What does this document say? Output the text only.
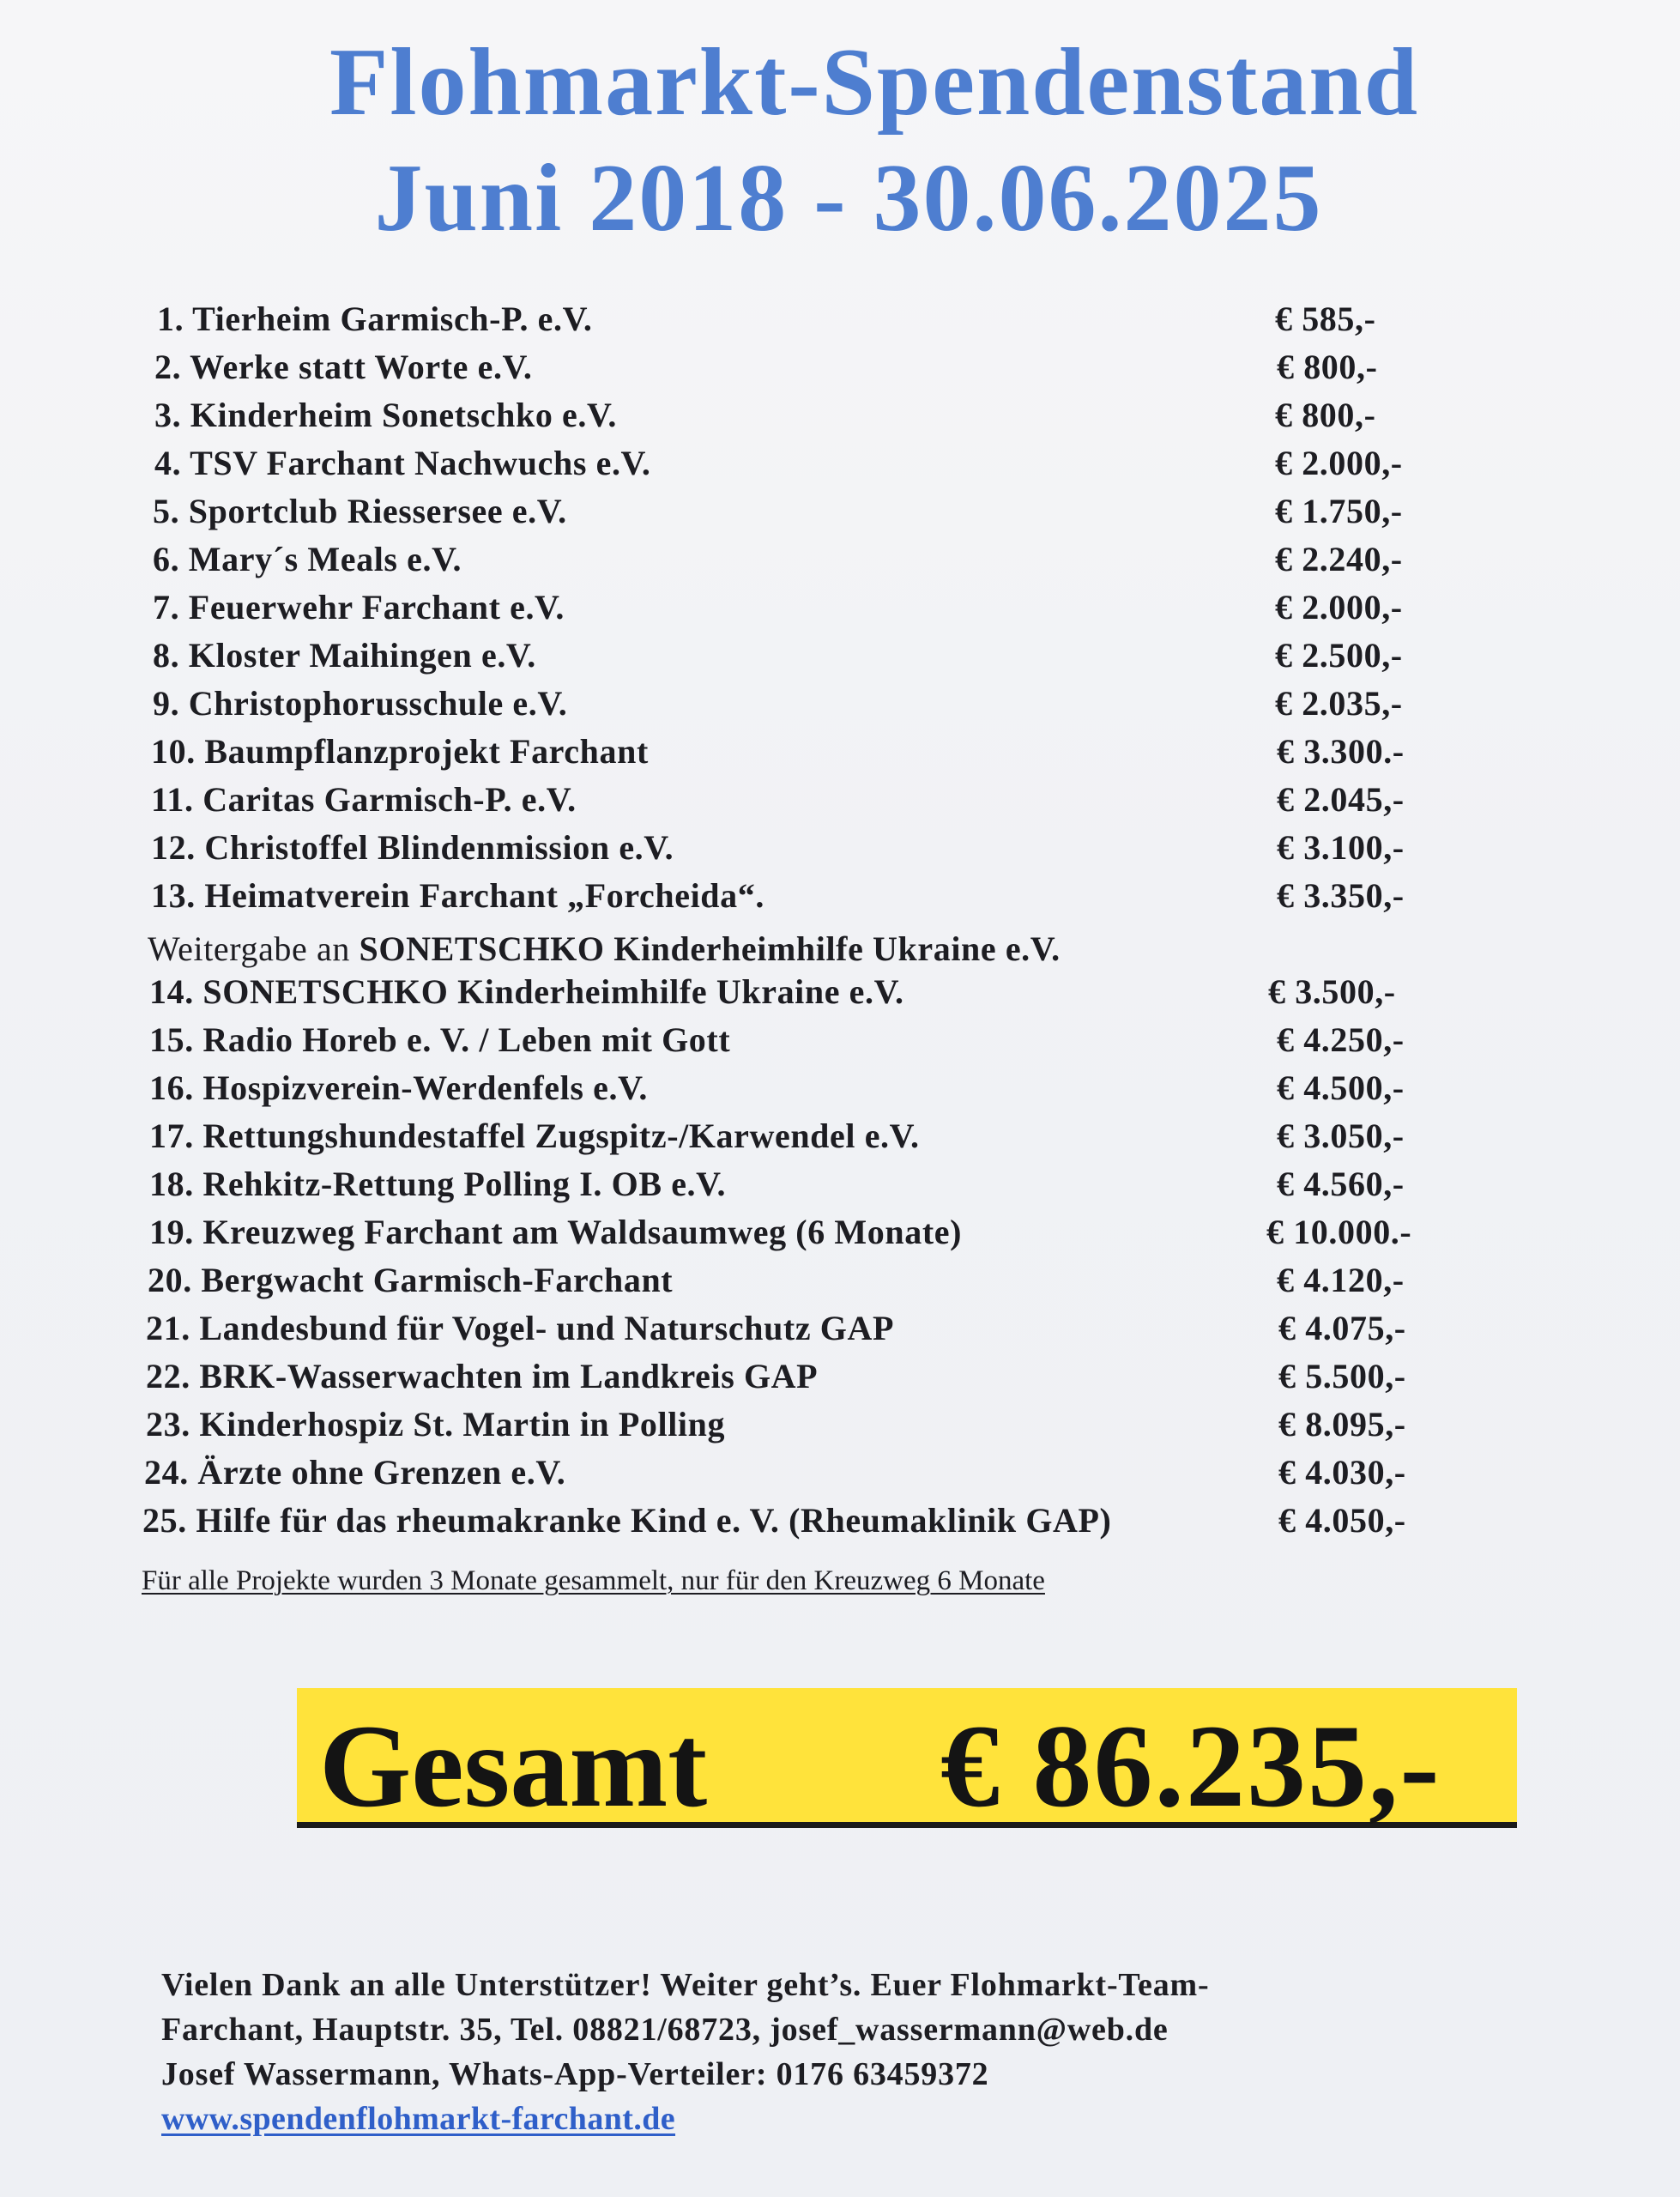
Flohmarkt-Spendenstand
Juni 2018 - 30.06.2025
1. Tierheim Garmisch-P. e.V.	€ 585,-
2. Werke statt Worte e.V.	€ 800,-
3. Kinderheim Sonetschko e.V.	€ 800,-
4. TSV Farchant Nachwuchs e.V.	€ 2.000,-
5. Sportclub Riessersee e.V.	€ 1.750,-
6. Mary´s Meals e.V.	€ 2.240,-
7. Feuerwehr Farchant e.V.	€ 2.000,-
8. Kloster Maihingen e.V.	€ 2.500,-
9. Christophorusschule e.V.	€ 2.035,-
10. Baumpflanzprojekt Farchant	€ 3.300.-
11. Caritas Garmisch-P. e.V.	€ 2.045,-
12. Christoffel Blindenmission e.V.	€ 3.100,-
13. Heimatverein Farchant „Forcheida“.	€ 3.350,-
14. SONETSCHKO Kinderheimhilfe Ukraine e.V.	€ 3.500,-
15. Radio Horeb e. V. / Leben mit Gott	€ 4.250,-
16. Hospizverein-Werdenfels e.V.	€ 4.500,-
17. Rettungshundestaffel Zugspitz-/Karwendel e.V.	€ 3.050,-
18. Rehkitz-Rettung Polling I. OB e.V.	€ 4.560,-
19. Kreuzweg Farchant am Waldsaumweg (6 Monate)	€ 10.000.-
20. Bergwacht Garmisch-Farchant	€ 4.120,-
21. Landesbund für Vogel- und Naturschutz GAP	€ 4.075,-
22. BRK-Wasserwachten im Landkreis GAP	€ 5.500,-
23. Kinderhospiz St. Martin in Polling	€ 8.095,-
24. Ärzte ohne Grenzen e.V.	€ 4.030,-
25. Hilfe für das rheumakranke Kind e. V. (Rheumaklinik GAP)	€ 4.050,-
Weitergabe an SONETSCHKO Kinderheimhilfe Ukraine e.V.
Für alle Projekte wurden 3 Monate gesammelt, nur für den Kreuzweg 6 Monate
Gesamt € 86.235,-
Vielen Dank an alle Unterstützer! Weiter geht’s. Euer Flohmarkt-Team-
Farchant, Hauptstr. 35, Tel. 08821/68723, josef_wassermann@web.de
Josef Wassermann, Whats-App-Verteiler: 0176 63459372
www.spendenflohmarkt-farchant.de
